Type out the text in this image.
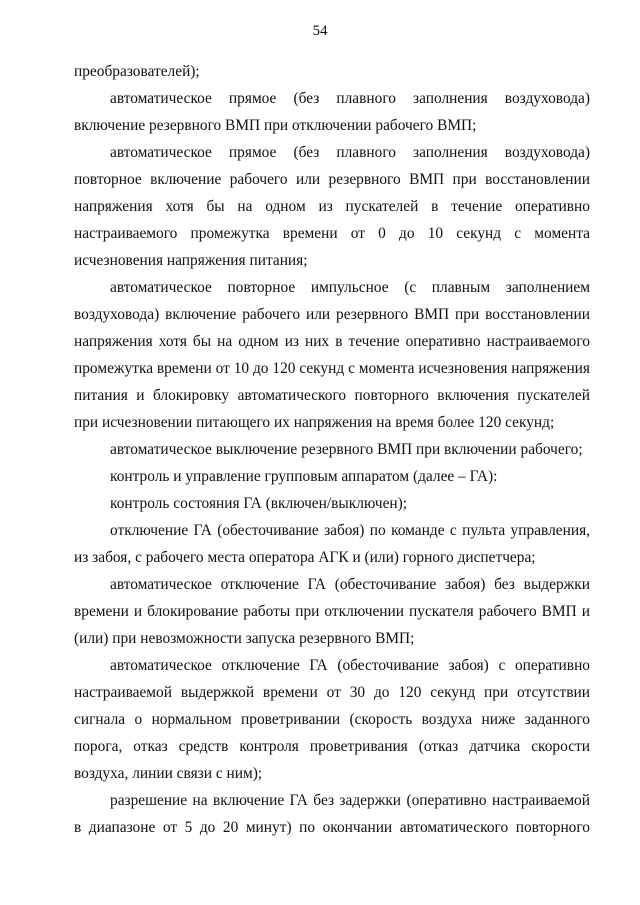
54

преобразователей);

автоматическое прямое (без плавного заполнения воздуховода) включение резервного ВМП при отключении рабочего ВМП;

автоматическое прямое (без плавного заполнения воздуховода) повторное включение рабочего или резервного ВМП при восстановлении напряжения хотя бы на одном из пускателей в течение оперативно настраиваемого промежутка времени от 0 до 10 секунд с момента исчезновения напряжения питания;

автоматическое повторное импульсное (с плавным заполнением воздуховода) включение рабочего или резервного ВМП при восстановлении напряжения хотя бы на одном из них в течение оперативно настраиваемого промежутка времени от 10 до 120 секунд с момента исчезновения напряжения питания и блокировку автоматического повторного включения пускателей при исчезновении питающего их напряжения на время более 120 секунд;

автоматическое выключение резервного ВМП при включении рабочего;

контроль и управление групповым аппаратом (далее – ГА):

контроль состояния ГА (включен/выключен);

отключение ГА (обесточивание забоя) по команде с пульта управления, из забоя, с рабочего места оператора АГК и (или) горного диспетчера;

автоматическое отключение ГА (обесточивание забоя) без выдержки времени и блокирование работы при отключении пускателя рабочего ВМП и (или) при невозможности запуска резервного ВМП;

автоматическое отключение ГА (обесточивание забоя) с оперативно настраиваемой выдержкой времени от 30 до 120 секунд при отсутствии сигнала о нормальном проветривании (скорость воздуха ниже заданного порога, отказ средств контроля проветривания (отказ датчика скорости воздуха, линии связи с ним);

разрешение на включение ГА без задержки (оперативно настраиваемой в диапазоне от 5 до 20 минут) по окончании автоматического повторного
